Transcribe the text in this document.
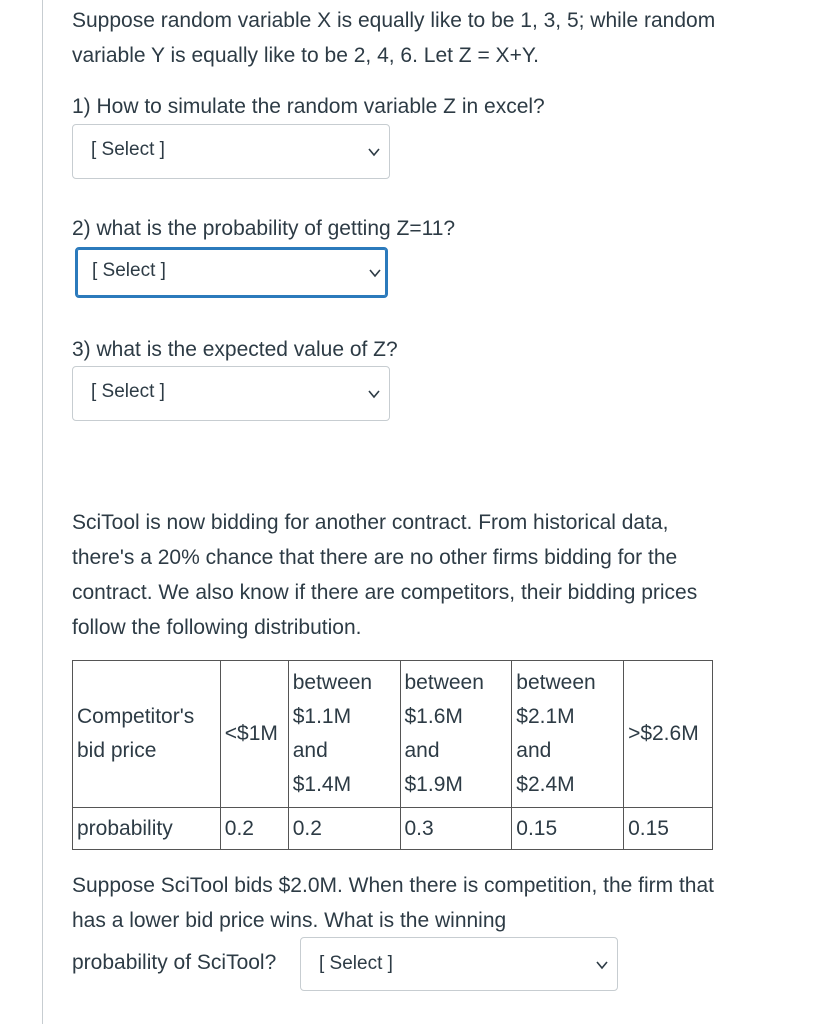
Suppose random variable X is equally like to be 1, 3, 5; while random variable Y is equally like to be 2, 4, 6. Let Z = X+Y.

1) How to simulate the random variable Z in excel?

[ Select ]

2) what is the probability of getting Z=11?

[ Select ]

3) what is the expected value of Z?

[ Select ]

SciTool is now bidding for another contract. From historical data, there's a 20% chance that there are no other firms bidding for the contract. We also know if there are competitors, their bidding prices follow the following distribution.

Competitor's
bid price	<$1M	between
$1.1M
and
$1.4M	between
$1.6M
and
$1.9M	between
$2.1M
and
$2.4M	>$2.6M
probability	0.2	0.2	0.3	0.15	0.15

Suppose SciTool bids $2.0M. When there is competition, the firm that has a lower bid price wins. What is the winning

probability of SciTool? [ Select ]
